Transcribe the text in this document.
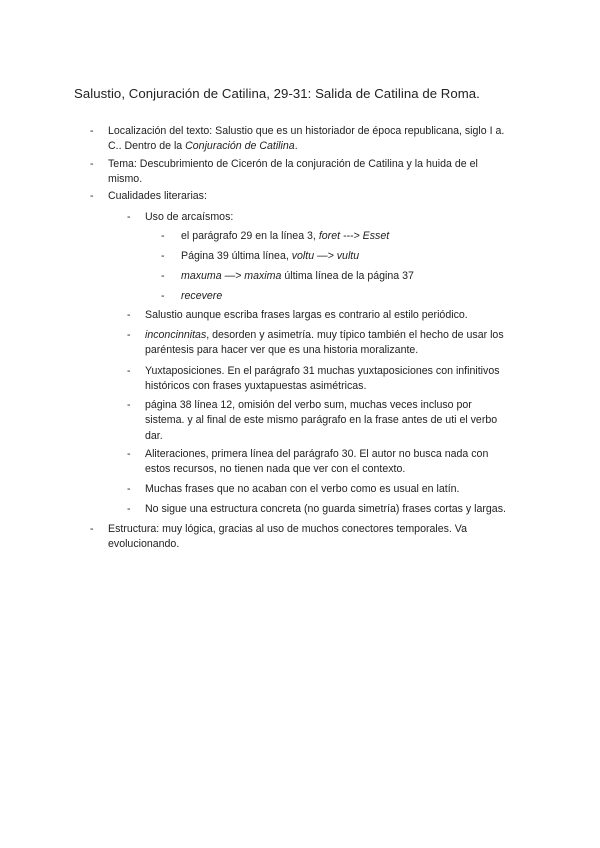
Salustio, Conjuración de Catilina, 29-31: Salida de Catilina de Roma.
- Localización del texto: Salustio que es un historiador de época republicana, siglo I a.
C.. Dentro de la Conjuración de Catilina.
- Tema: Descubrimiento de Cicerón de la conjuración de Catilina y la huida de el
mismo.
- Cualidades literarias:
- Uso de arcaísmos:
- el parágrafo 29 en la línea 3, foret ---> Esset
- Página 39 última línea, voltu —> vultu
- maxuma —> maxima última línea de la página 37
- recevere
- Salustio aunque escriba frases largas es contrario al estilo periódico.
- inconcinnitas, desorden y asimetría. muy típico también el hecho de usar los
paréntesis para hacer ver que es una historia moralizante.
- Yuxtaposiciones. En el parágrafo 31 muchas yuxtaposiciones con infinitivos
históricos con frases yuxtapuestas asimétricas.
- página 38 línea 12, omisión del verbo sum, muchas veces incluso por
sistema. y al final de este mismo parágrafo en la frase antes de uti el verbo
dar.
- Aliteraciones, primera línea del parágrafo 30. El autor no busca nada con
estos recursos, no tienen nada que ver con el contexto.
- Muchas frases que no acaban con el verbo como es usual en latín.
- No sigue una estructura concreta (no guarda simetría) frases cortas y largas.
- Estructura: muy lógica, gracias al uso de muchos conectores temporales. Va
evolucionando.
